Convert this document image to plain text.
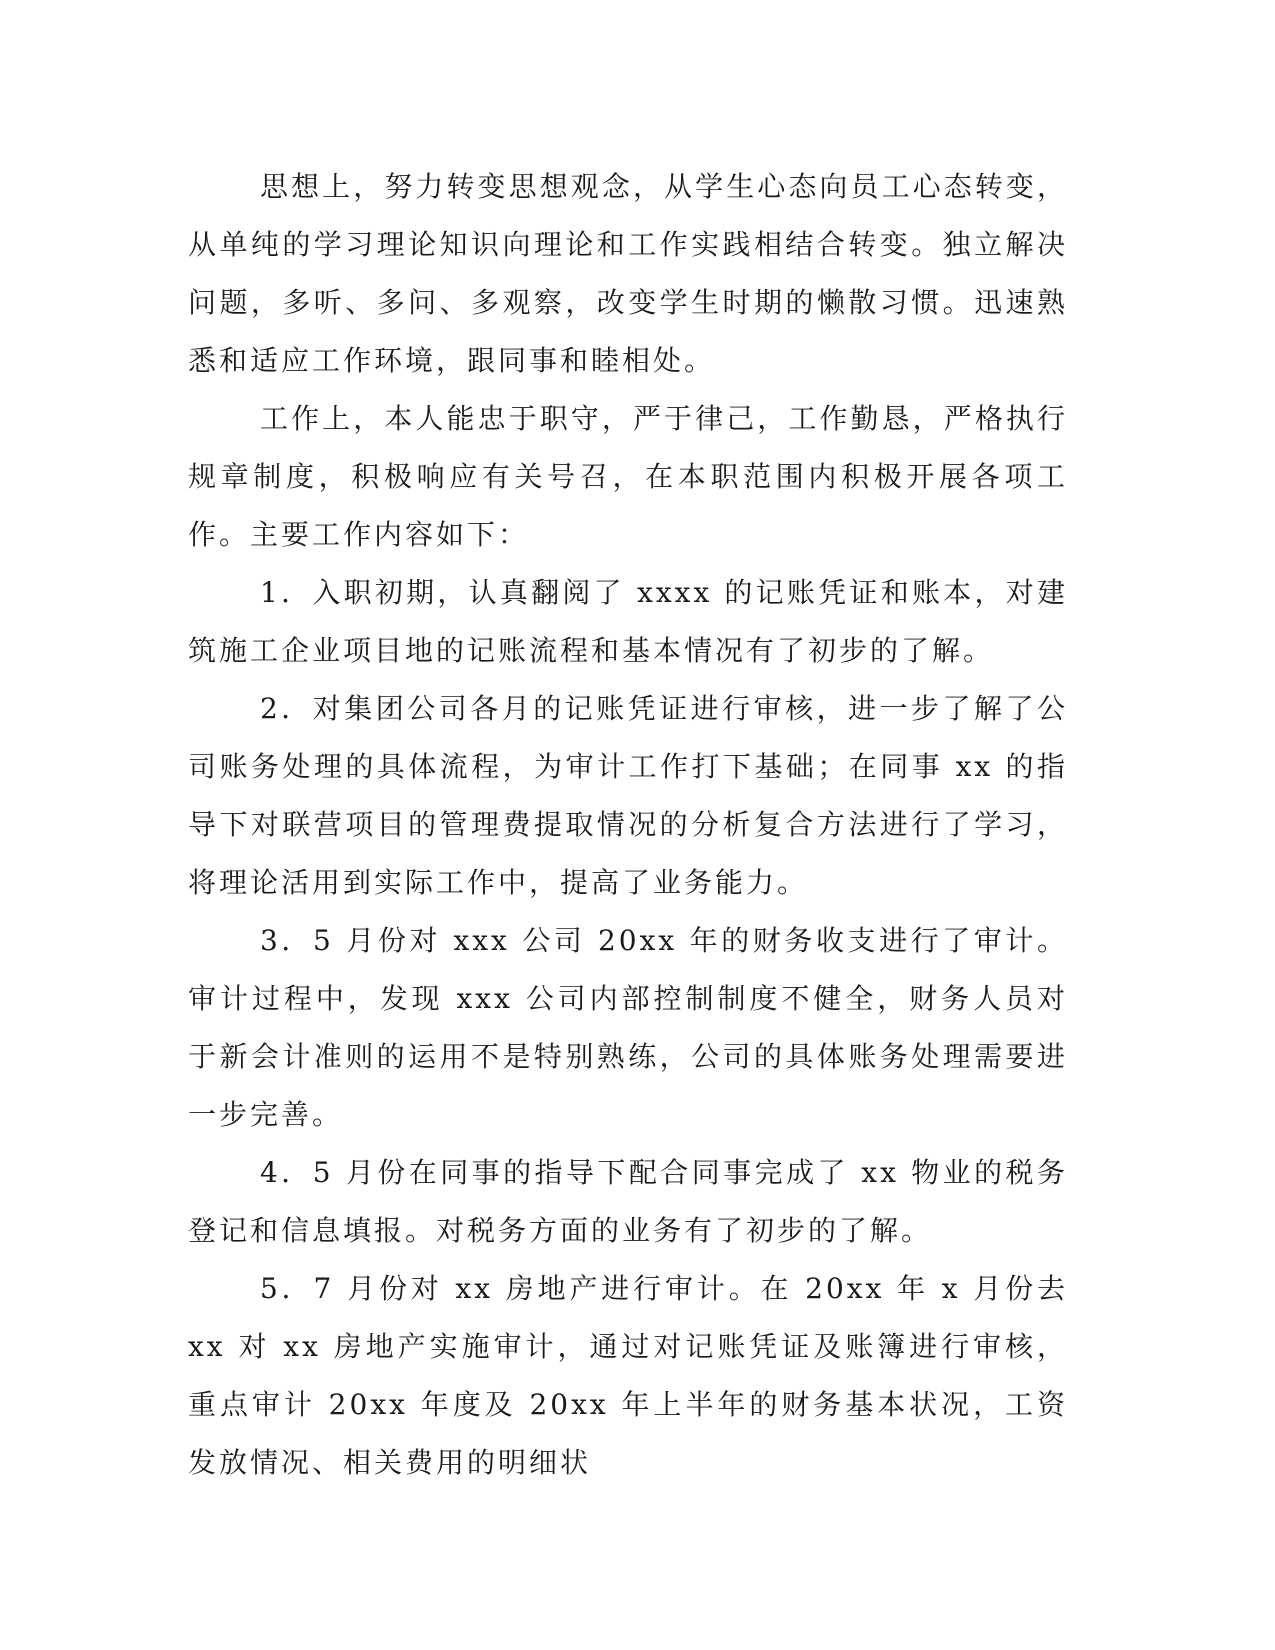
思想上，努力转变思想观念，从学生心态向员工心态转变，从单纯的学习理论知识向理论和工作实践相结合转变。独立解决问题，多听、多问、多观察，改变学生时期的懒散习惯。迅速熟悉和适应工作环境，跟同事和睦相处。

工作上，本人能忠于职守，严于律己，工作勤恳，严格执行规章制度，积极响应有关号召，在本职范围内积极开展各项工作。主要工作内容如下：

1．入职初期，认真翻阅了 xxxx 的记账凭证和账本，对建筑施工企业项目地的记账流程和基本情况有了初步的了解。

2．对集团公司各月的记账凭证进行审核，进一步了解了公司账务处理的具体流程，为审计工作打下基础；在同事 xx 的指导下对联营项目的管理费提取情况的分析复合方法进行了学习，将理论活用到实际工作中，提高了业务能力。

3．5 月份对 xxx 公司 20xx 年的财务收支进行了审计。审计过程中，发现 xxx 公司内部控制制度不健全，财务人员对于新会计准则的运用不是特别熟练，公司的具体账务处理需要进一步完善。

4．5 月份在同事的指导下配合同事完成了 xx 物业的税务登记和信息填报。对税务方面的业务有了初步的了解。

5．7 月份对 xx 房地产进行审计。在 20xx 年 x 月份去 xx 对 xx 房地产实施审计，通过对记账凭证及账簿进行审核，重点审计 20xx 年度及 20xx 年上半年的财务基本状况，工资发放情况、相关费用的明细状
